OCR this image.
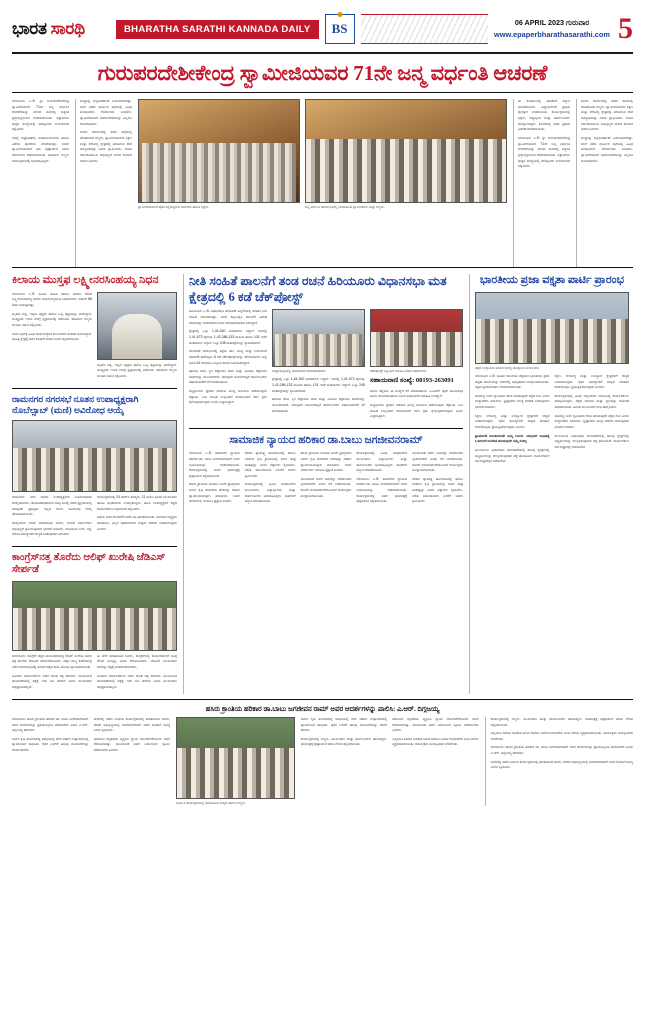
ಭಾರತ ಸಾರಥಿ	BHARATHA SARATHI KANNADA DAILY	BS	06 APRIL 2023 ಗುರುವಾರ
www.epaperbharathasarathi.com 5
ಗುರುಪರದೇಶೀಕೇಂದ್ರ ಸ್ವಾಮೀಜಿಯವರ 71ನೇ ಜನ್ಮ ವರ್ಧಂತಿ ಆಚರಣೆ

ಬೆಂಗಳೂರು ಏ.5: ಶ್ರೀ ಗುರುಪರದೇಶಿಕೇಂದ್ರ ಸ್ವಾಮೀಜಿಯವರ 71ನೇ ಜನ್ಮ ವರ್ಧಂತಿ ಆಚರಣೆಯನ್ನು ನಗರದ ಮಠದಲ್ಲಿ ಅತ್ಯಂತ ಶ್ರದ್ಧಾಭಕ್ತಿಯಿಂದ ಆಚರಿಸಲಾಯಿತು. ಭಕ್ತಾದಿಗಳು ಹೆಚ್ಚಿನ ಸಂಖ್ಯೆಯಲ್ಲಿ ಪಾಲ್ಗೊಂಡು ಗುರುವಂದನೆ ಸಲ್ಲಿಸಿದರು.

ಬೆಳಗ್ಗೆ ರುದ್ರಾಭಿಷೇಕ, ಮಹಾಮಂಗಳಾರತಿ ಹಾಗೂ ವಿಶೇಷ ಪೂಜೆಗಳು ನೆರವೇರಿದವು. ನಂತರ ಸ್ವಾಮೀಜಿಯವರಿಗೆ ಫಲ ಪುಷ್ಪಾರ್ಚನೆ ಮಾಡಿ ಆಶೀರ್ವಾದ ಪಡೆಯಲಾಯಿತು. ಹಲವಾರು ಗಣ್ಯರು ಕಾರ್ಯಕ್ರಮದಲ್ಲಿ ಭಾಗವಹಿಸಿದ್ದರು.

ಮಧ್ಯಾಹ್ನ ಅನ್ನಸಂತರ್ಪಣೆ ಏರ್ಪಡಿಸಲಾಗಿತ್ತು. ಸಂಜೆ ನಡೆದ ಧಾರ್ಮಿಕ ಸಭೆಯಲ್ಲಿ ವಿವಿಧ ಮಠಾಧೀಶರು ಆಶೀರ್ವಚನ ನೀಡಿದರು. ಸ್ವಾಮೀಜಿಯವರ ಸಮಾಜಸೇವೆಯನ್ನು ಎಲ್ಲರೂ ಕೊಂಡಾಡಿದರು.

ಮಠದ ಆವರಣದಲ್ಲಿ ನಡೆದ ಸಭೆಯಲ್ಲಿ ಮಾತನಾಡಿದ ಗಣ್ಯರು, ಸ್ವಾಮೀಜಿಯವರು ಶಿಕ್ಷಣ ಮತ್ತು ಆರೋಗ್ಯ ಕ್ಷೇತ್ರದಲ್ಲಿ ಮಾಡಿರುವ ಸೇವೆ ಅನನ್ಯವಾದದ್ದು ಎಂದು ಶ್ಲಾಘಿಸಿದರು. ನಾಡಿನ ಸರ್ವತೋಮುಖ ಅಭಿವೃದ್ಧಿಗೆ ಮಠದ ಕೊಡುಗೆ ಅಪಾರ ಎಂದರು.

ಸ್ವಾಮೀಜಿಯವರಿಗೆ ಪೂಜೆ ಸಲ್ಲಿಸುತ್ತಿರುವ ಅರ್ಚಕರು ಹಾಗೂ ಭಕ್ತರು.	ಜನ್ಮ ವರ್ಧಂತಿ ಸಮಾರಂಭದಲ್ಲಿ ಭಾಗವಹಿಸಿದ ಸ್ವಾಮೀಜಿಗಳು ಮತ್ತು ಗಣ್ಯರು.

ಈ ಸಂದರ್ಭದಲ್ಲಿ ಸಾಧಕರಿಗೆ ಸನ್ಮಾನ ಮಾಡಲಾಯಿತು. ವಿದ್ಯಾರ್ಥಿಗಳಿಗೆ ಪ್ರತಿಭಾ ಪುರಸ್ಕಾರ ನೀಡಲಾಯಿತು. ಕಾರ್ಯಕ್ರಮದಲ್ಲಿ ಭಕ್ತರು, ಶಿಷ್ಯವೃಂದ ಮತ್ತು ಸಾರ್ವಜನಿಕರು ಪಾಲ್ಗೊಂಡಿದ್ದರು. ಕೊನೆಯಲ್ಲಿ ತೀರ್ಥ ಪ್ರಸಾದ ವಿತರಣೆ ಮಾಡಲಾಯಿತು.

ಬೆಂಗಳೂರು ಏ.5: ಶ್ರೀ ಗುರುಪರದೇಶಿಕೇಂದ್ರ ಸ್ವಾಮೀಜಿಯವರ 71ನೇ ಜನ್ಮ ವರ್ಧಂತಿ ಆಚರಣೆಯನ್ನು ನಗರದ ಮಠದಲ್ಲಿ ಅತ್ಯಂತ ಶ್ರದ್ಧಾಭಕ್ತಿಯಿಂದ ಆಚರಿಸಲಾಯಿತು. ಭಕ್ತಾದಿಗಳು ಹೆಚ್ಚಿನ ಸಂಖ್ಯೆಯಲ್ಲಿ ಪಾಲ್ಗೊಂಡು ಗುರುವಂದನೆ ಸಲ್ಲಿಸಿದರು.

ಮಠದ ಆವರಣದಲ್ಲಿ ನಡೆದ ಸಭೆಯಲ್ಲಿ ಮಾತನಾಡಿದ ಗಣ್ಯರು, ಸ್ವಾಮೀಜಿಯವರು ಶಿಕ್ಷಣ ಮತ್ತು ಆರೋಗ್ಯ ಕ್ಷೇತ್ರದಲ್ಲಿ ಮಾಡಿರುವ ಸೇವೆ ಅನನ್ಯವಾದದ್ದು ಎಂದು ಶ್ಲಾಘಿಸಿದರು. ನಾಡಿನ ಸರ್ವತೋಮುಖ ಅಭಿವೃದ್ಧಿಗೆ ಮಠದ ಕೊಡುಗೆ ಅಪಾರ ಎಂದರು.

ಮಧ್ಯಾಹ್ನ ಅನ್ನಸಂತರ್ಪಣೆ ಏರ್ಪಡಿಸಲಾಗಿತ್ತು. ಸಂಜೆ ನಡೆದ ಧಾರ್ಮಿಕ ಸಭೆಯಲ್ಲಿ ವಿವಿಧ ಮಠಾಧೀಶರು ಆಶೀರ್ವಚನ ನೀಡಿದರು. ಸ್ವಾಮೀಜಿಯವರ ಸಮಾಜಸೇವೆಯನ್ನು ಎಲ್ಲರೂ ಕೊಂಡಾಡಿದರು.

ಕಿಲಾಯ ಮುಸ್ತಫ ಲಕ್ಷ್ಮೀನರಸಿಂಹಯ್ಯ ನಿಧನ

ಬೆಂಗಳೂರು ಏ.5: ಹಿರಿಯ ಸಾಹಿತಿ ಹಾಗೂ ಸಮಾಜ ಸೇವಕ ಲಕ್ಷ್ಮೀನರಸಿಂಹಯ್ಯ ಅವರು ಅನಾರೋಗ್ಯದಿಂದ ನಿಧನರಾದರು. ಅವರಿಗೆ 86 ವರ್ಷ ವಯಸ್ಸಾಗಿತ್ತು.

ಮೃತರು ಪತ್ನಿ, ಇಬ್ಬರು ಪುತ್ರರು ಹಾಗೂ ಒಬ್ಬ ಪುತ್ರಿಯನ್ನು ಅಗಲಿದ್ದಾರೆ. ಅಂತ್ಯಕ್ರಿಯೆ ಇಂದು ಬೆಳಗ್ಗೆ ಸ್ವಗ್ರಾಮದಲ್ಲಿ ನಡೆಯಿತು. ಹಲವಾರು ಗಣ್ಯರು ಅಂತಿಮ ನಮನ ಸಲ್ಲಿಸಿದರು.

ಅವರ ನಿಧನಕ್ಕೆ ವಿವಿಧ ಸಂಘ ಸಂಸ್ಥೆಗಳ ಮುಖಂಡರು ಸಂತಾಪ ಸೂಚಿಸಿದ್ದಾರೆ. ಸಾಹಿತ್ಯ ಕ್ಷೇತ್ರಕ್ಕೆ ಅವರ ಕೊಡುಗೆ ಅಪಾರ ಎಂದು ಸ್ಮರಿಸಲಾಯಿತು.

ಮೃತರು ಪತ್ನಿ, ಇಬ್ಬರು ಪುತ್ರರು ಹಾಗೂ ಒಬ್ಬ ಪುತ್ರಿಯನ್ನು ಅಗಲಿದ್ದಾರೆ. ಅಂತ್ಯಕ್ರಿಯೆ ಇಂದು ಬೆಳಗ್ಗೆ ಸ್ವಗ್ರಾಮದಲ್ಲಿ ನಡೆಯಿತು. ಹಲವಾರು ಗಣ್ಯರು ಅಂತಿಮ ನಮನ ಸಲ್ಲಿಸಿದರು.

ರಾಮನಗರ ನಗರಸಭೆ ನೂತನ ಉಪಾಧ್ಯಕ್ಷರಾಗಿ ನೊಬೆಲ್ಸಾಬ್ (ಮಣಿ) ಅವಿರೋಧ ಆಯ್ಕೆ

ರಾಮನಗರ: ನಗರ ಸಭೆಯ ಉಪಾಧ್ಯಕ್ಷರಾಗಿ ಅವಿರೋಧವಾಗಿ ಆಯ್ಕೆಯಾದರು. ಚುನಾವಣಾಧಿಕಾರಿಗಳ ಸಮ್ಮುಖದಲ್ಲಿ ನಡೆದ ಪ್ರಕ್ರಿಯೆಯಲ್ಲಿ ಯಾವುದೇ ಪ್ರತಿಸ್ಪರ್ಧಿ ಇಲ್ಲದ ಕಾರಣ ಅವಿರೋಧ ಆಯ್ಕೆ ಘೋಷಿಸಲಾಯಿತು.

ಆಯ್ಕೆಯಾದ ನಂತರ ಮಾತನಾಡಿದ ಅವರು, ನಗರದ ಸರ್ವಾಂಗೀಣ ಅಭಿವೃದ್ಧಿಗೆ ಶ್ರಮಿಸುವುದಾಗಿ ಭರವಸೆ ನೀಡಿದರು. ಕುಡಿಯುವ ನೀರು, ರಸ್ತೆ, ಚರಂಡಿ ಸಮಸ್ಯೆಗಳಿಗೆ ಆದ್ಯತೆ ನೀಡುವುದಾಗಿ ತಿಳಿಸಿದರು.

ಕಾರ್ಯಕ್ರಮದಲ್ಲಿ 24 ವಾರ್ಡ್ ಸದಸ್ಯರು, 11 ಮಂದಿ ಹಿರಿಯ ಮುಖಂಡರು ಹಾಗೂ ಅಧಿಕಾರಿಗಳು ಉಪಸ್ಥಿತರಿದ್ದರು. ಹೊಸ ಉಪಾಧ್ಯಕ್ಷರಿಗೆ ಪಕ್ಷದ ಕಾರ್ಯಕರ್ತರು ಅಭಿನಂದನೆ ಸಲ್ಲಿಸಿದರು.

ಸಭೆಯ ಬಳಿಕ ಮೆರವಣಿಗೆ ನಡೆಸಿ ಸಿಹಿ ಹಂಚಲಾಯಿತು. ನಗರಸಭೆ ಅಧ್ಯಕ್ಷರು ಮಾತನಾಡಿ, ಎಲ್ಲರ ಸಹಕಾರದಿಂದ ಉತ್ತಮ ಆಡಳಿತ ನೀಡಲಾಗುವುದು ಎಂದರು.

ಕಾಂಗ್ರೆಸ್‌ನತ್ತ ತೊರೆದು ಆಲಿಫ್ ಖುರೇಷಿ ಜೆಡಿಎಸ್ ಸೇರ್ಪಡೆ

ಬೆಂಗಳೂರು: ಕಾಂಗ್ರೆಸ್ ಪಕ್ಷದ ಮುಖಂಡರಾಗಿದ್ದ ಆಲಿಫ್ ಖುರೇಷಿ ಅವರು ಪಕ್ಷ ತೊರೆದು ಜೆಡಿಎಸ್ ಸೇರ್ಪಡೆಗೊಂಡರು. ಪಕ್ಷದ ರಾಜ್ಯ ಕಚೇರಿಯಲ್ಲಿ ನಡೆದ ಸಮಾರಂಭದಲ್ಲಿ ಅವರಿಗೆ ಪಕ್ಷದ ಶಾಲು ಹೊದಿಸಿ ಸ್ವಾಗತಿಸಲಾಯಿತು.

ನೂರಾರು ಕಾರ್ಯಕರ್ತರು ಅವರ ಜೊತೆ ಪಕ್ಷ ಸೇರಿದರು. ಮುಂಬರುವ ಚುನಾವಣೆಯಲ್ಲಿ ಪಕ್ಷಕ್ಕೆ ಇದು ಬಲ ತರಲಿದೆ ಎಂದು ಮುಖಂಡರು ಅಭಿಪ್ರಾಯಪಟ್ಟರು.

ಈ ವೇಳೆ ಮಾತನಾಡಿದ ಅವರು, ಕಾಂಗ್ರೆಸ್‌ನಲ್ಲಿ ಕಾರ್ಯಕರ್ತರಿಗೆ ಸೂಕ್ತ ಗೌರವ ಸಿಗುತ್ತಿಲ್ಲ ಎಂದು ಆರೋಪಿಸಿದರು. ಜೆಡಿಎಸ್ ಮುಖಂಡರು ಅವರನ್ನು ಪಕ್ಷಕ್ಕೆ ಬರಮಾಡಿಕೊಂಡರು.

ನೂರಾರು ಕಾರ್ಯಕರ್ತರು ಅವರ ಜೊತೆ ಪಕ್ಷ ಸೇರಿದರು. ಮುಂಬರುವ ಚುನಾವಣೆಯಲ್ಲಿ ಪಕ್ಷಕ್ಕೆ ಇದು ಬಲ ತರಲಿದೆ ಎಂದು ಮುಖಂಡರು ಅಭಿಪ್ರಾಯಪಟ್ಟರು.

ನೀತಿ ಸಂಹಿತೆ ಪಾಲನೆಗೆ ತಂಡ ರಚನೆ ಹಿರಿಯೂರು ವಿಧಾನಸಭಾ ಮತ ಕ್ಷೇತ್ರದಲ್ಲಿ 6 ಕಡೆ ಚೆಕ್‌ಪೋಸ್ಟ್

ಹಿರಿಯೂರು ಏ.5: ವಿಧಾನಸಭಾ ಚುನಾವಣೆ ಹಿನ್ನೆಲೆಯಲ್ಲಿ ಮಾದರಿ ನೀತಿ ಸಂಹಿತೆ ಜಾರಿಯಾಗಿದ್ದು, ಅದರ ಕಟ್ಟುನಿಟ್ಟಿನ ಪಾಲನೆಗೆ ವಿಶೇಷ ತಂಡಗಳನ್ನು ರಚಿಸಲಾಗಿದೆ ಎಂದು ಚುನಾವಣಾಧಿಕಾರಿ ತಿಳಿಸಿದ್ದಾರೆ.

ಕ್ಷೇತ್ರದಲ್ಲಿ ಒಟ್ಟು 1,44,160 ಮತದಾರರು ಇದ್ದಾರೆ. ಇದರಲ್ಲಿ 1,41,973 ಪುರುಷ, 1,42,286,133 ಮಹಿಳಾ ಹಾಗೂ 131 ಇತರೆ ಮತದಾರರು ಇದ್ದಾರೆ. ಒಟ್ಟು 245 ಮತಗಟ್ಟೆಗಳನ್ನು ಸ್ಥಾಪಿಸಲಾಗಿದೆ.

ಚುನಾವಣೆ ಸಂದರ್ಭದಲ್ಲಿ ಅಕ್ರಮ ಹಣ, ಮದ್ಯ ಮತ್ತು ಉಡುಗೊರೆ ಸಾಗಾಣಿಕೆ ತಡೆಗಟ್ಟಲು 6 ಕಡೆ ಚೆಕ್‌ಪೋಸ್ಟ್‌ಗಳನ್ನು ತೆರೆಯಲಾಗಿದೆ. ಅಲ್ಲಿ ದಿನದ 24 ಗಂಟೆಯೂ ಸಿಬ್ಬಂದಿ ಕಾರ್ಯನಿರ್ವಹಿಸಲಿದ್ದಾರೆ.

ಹಾರಾಟ ತಂಡ, ಸ್ಥಿರ ಕಣ್ಗಾವಲು ತಂಡ ಮತ್ತು ವಿಡಿಯೊ ಕಣ್ಗಾವಲು ತಂಡಗಳನ್ನು ನೇಮಿಸಲಾಗಿದೆ. ಯಾವುದೇ ದೂರುಗಳಿದ್ದರೆ ಸಾರ್ವಜನಿಕರು ಸಹಾಯವಾಣಿಗೆ ಕರೆ ಮಾಡಬಹುದು.

ಅಭ್ಯರ್ಥಿಗಳು ಪ್ರಚಾರ ನಡೆಸುವ ಮುನ್ನ ಅನುಮತಿ ಪಡೆಯುವುದು ಕಡ್ಡಾಯ. ನೀತಿ ಸಂಹಿತೆ ಉಲ್ಲಂಘನೆ ಕಂಡುಬಂದರೆ ಕಠಿಣ ಕ್ರಮ ಕೈಗೊಳ್ಳಲಾಗುವುದು ಎಂದು ಎಚ್ಚರಿಸಿದ್ದಾರೆ.

ಸುದ್ದಿಗೋಷ್ಠಿಯಲ್ಲಿ ಮಾತನಾಡಿದ ಚುನಾವಣಾಧಿಕಾರಿ.	ಚೆಕ್‌ಪೋಸ್ಟ್ ಸಿಬ್ಬಂದಿಗೆ ಮಾಹಿತಿ ನೀಡಿದ ಅಧಿಕಾರಿಗಳು.

ಕ್ಷೇತ್ರದಲ್ಲಿ ಒಟ್ಟು 1,44,160 ಮತದಾರರು ಇದ್ದಾರೆ. ಇದರಲ್ಲಿ 1,41,973 ಪುರುಷ, 1,42,286,133 ಮಹಿಳಾ ಹಾಗೂ 131 ಇತರೆ ಮತದಾರರು ಇದ್ದಾರೆ. ಒಟ್ಟು 245 ಮತಗಟ್ಟೆಗಳನ್ನು ಸ್ಥಾಪಿಸಲಾಗಿದೆ.

ಹಾರಾಟ ತಂಡ, ಸ್ಥಿರ ಕಣ್ಗಾವಲು ತಂಡ ಮತ್ತು ವಿಡಿಯೊ ಕಣ್ಗಾವಲು ತಂಡಗಳನ್ನು ನೇಮಿಸಲಾಗಿದೆ. ಯಾವುದೇ ದೂರುಗಳಿದ್ದರೆ ಸಾರ್ವಜನಿಕರು ಸಹಾಯವಾಣಿಗೆ ಕರೆ ಮಾಡಬಹುದು.

ಸಹಾಯವಾಣಿ ಸಂಖ್ಯೆ: 08193-263091

ದೂರು ಸಲ್ಲಿಸಲು ಈ ಸಂಖ್ಯೆಗೆ ಕರೆ ಮಾಡಬಹುದು. ಸಿ-ವಿಜಿಲ್ ಆ್ಯಪ್ ಮೂಲಕವೂ ದೂರು ದಾಖಲಿಸಬಹುದು ಎಂದು ಅಧಿಕಾರಿಗಳು ಮಾಹಿತಿ ನೀಡಿದ್ದಾರೆ.

ಅಭ್ಯರ್ಥಿಗಳು ಪ್ರಚಾರ ನಡೆಸುವ ಮುನ್ನ ಅನುಮತಿ ಪಡೆಯುವುದು ಕಡ್ಡಾಯ. ನೀತಿ ಸಂಹಿತೆ ಉಲ್ಲಂಘನೆ ಕಂಡುಬಂದರೆ ಕಠಿಣ ಕ್ರಮ ಕೈಗೊಳ್ಳಲಾಗುವುದು ಎಂದು ಎಚ್ಚರಿಸಿದ್ದಾರೆ.

ಸಾಮಾಜಿಕ ನ್ಯಾಯದ ಹರಿಕಾರ ಡಾ.ಬಾಬು ಜಗಜೀವನರಾಮ್

ಬೆಂಗಳೂರು ಏ.5: ಸಾಮಾಜಿಕ ನ್ಯಾಯದ ಹರಿಕಾರ ಡಾ. ಬಾಬು ಜಗಜೀವನರಾಮ್ ಅವರ ಜಯಂತಿಯನ್ನು ಆಚರಿಸಲಾಯಿತು. ಕಾರ್ಯಕ್ರಮದಲ್ಲಿ ಅವರ ಭಾವಚಿತ್ರಕ್ಕೆ ಪುಷ್ಪನಮನ ಸಲ್ಲಿಸಲಾಯಿತು.

ಹಸಿರು ಕ್ರಾಂತಿಯ ರೂವಾರಿ ಎಂದೇ ಪ್ರಸಿದ್ಧರಾದ ಅವರು ಕೃಷಿ ಸಚಿವರಾಗಿ ದೇಶವನ್ನು ಆಹಾರ ಸ್ವಾವಲಂಬಿಯನ್ನಾಗಿ ಮಾಡಿದರು. ಅವರ ಆದರ್ಶಗಳು ಇಂದಿಗೂ ಪ್ರಸ್ತುತ ಎಂದರು.

ದೇಶದ ಸ್ವಾತಂತ್ರ್ಯ ಹೋರಾಟದಲ್ಲಿ ಹಾಗೂ ನಂತರದ ಕೃಷಿ ಕ್ರಾಂತಿಯಲ್ಲಿ ಅವರ ಪಾತ್ರ ಮಹತ್ವದ್ದು ಎಂದು ವಕ್ತಾರರು ಸ್ಮರಿಸಿದರು. ದಲಿತ ಸಮುದಾಯದ ಏಳಿಗೆಗೆ ಅವರು ಶ್ರಮಿಸಿದರು.

ಕಾರ್ಯಕ್ರಮದಲ್ಲಿ ವಿವಿಧ ಸಂಘಟನೆಗಳ ಮುಖಂಡರು, ವಿದ್ಯಾರ್ಥಿಗಳು ಮತ್ತು ಸಾರ್ವಜನಿಕರು ಭಾಗವಹಿಸಿದ್ದರು. ಸಾಧಕರಿಗೆ ಸನ್ಮಾನ ಮಾಡಲಾಯಿತು.

ಹಸಿರು ಕ್ರಾಂತಿಯ ರೂವಾರಿ ಎಂದೇ ಪ್ರಸಿದ್ಧರಾದ ಅವರು ಕೃಷಿ ಸಚಿವರಾಗಿ ದೇಶವನ್ನು ಆಹಾರ ಸ್ವಾವಲಂಬಿಯನ್ನಾಗಿ ಮಾಡಿದರು. ಅವರ ಆದರ್ಶಗಳು ಇಂದಿಗೂ ಪ್ರಸ್ತುತ ಎಂದರು.

ಯುವಜನತೆ ಅವರ ಬದುಕನ್ನು ಆದರ್ಶವಾಗಿ ಸ್ವೀಕರಿಸಬೇಕು ಎಂದು ಕರೆ ನೀಡಲಾಯಿತು. ಕೊನೆಗೆ ವಂದನಾರ್ಪಣೆಯೊಂದಿಗೆ ಕಾರ್ಯಕ್ರಮ ಮುಕ್ತಾಯಗೊಂಡಿತು.

ಕಾರ್ಯಕ್ರಮದಲ್ಲಿ ವಿವಿಧ ಸಂಘಟನೆಗಳ ಮುಖಂಡರು, ವಿದ್ಯಾರ್ಥಿಗಳು ಮತ್ತು ಸಾರ್ವಜನಿಕರು ಭಾಗವಹಿಸಿದ್ದರು. ಸಾಧಕರಿಗೆ ಸನ್ಮಾನ ಮಾಡಲಾಯಿತು.

ಬೆಂಗಳೂರು ಏ.5: ಸಾಮಾಜಿಕ ನ್ಯಾಯದ ಹರಿಕಾರ ಡಾ. ಬಾಬು ಜಗಜೀವನರಾಮ್ ಅವರ ಜಯಂತಿಯನ್ನು ಆಚರಿಸಲಾಯಿತು. ಕಾರ್ಯಕ್ರಮದಲ್ಲಿ ಅವರ ಭಾವಚಿತ್ರಕ್ಕೆ ಪುಷ್ಪನಮನ ಸಲ್ಲಿಸಲಾಯಿತು.

ಯುವಜನತೆ ಅವರ ಬದುಕನ್ನು ಆದರ್ಶವಾಗಿ ಸ್ವೀಕರಿಸಬೇಕು ಎಂದು ಕರೆ ನೀಡಲಾಯಿತು. ಕೊನೆಗೆ ವಂದನಾರ್ಪಣೆಯೊಂದಿಗೆ ಕಾರ್ಯಕ್ರಮ ಮುಕ್ತಾಯಗೊಂಡಿತು.

ದೇಶದ ಸ್ವಾತಂತ್ರ್ಯ ಹೋರಾಟದಲ್ಲಿ ಹಾಗೂ ನಂತರದ ಕೃಷಿ ಕ್ರಾಂತಿಯಲ್ಲಿ ಅವರ ಪಾತ್ರ ಮಹತ್ವದ್ದು ಎಂದು ವಕ್ತಾರರು ಸ್ಮರಿಸಿದರು. ದಲಿತ ಸಮುದಾಯದ ಏಳಿಗೆಗೆ ಅವರು ಶ್ರಮಿಸಿದರು.

ಭಾರತೀಯ ಪ್ರಜಾ ವಕ್ತೃತಾ ಪಾರ್ಟಿ ಪ್ರಾರಂಭ
ಪಕ್ಷದ ಉದ್ಘಾಟನಾ ಸಮಾರಂಭದಲ್ಲಿ ಪಾಲ್ಗೊಂಡ ಮುಖಂಡರು.

ಬೆಂಗಳೂರು ಏ.5: ನೂತನ ರಾಜಕೀಯ ಪಕ್ಷವಾದ ಭಾರತೀಯ ಪ್ರಜಾ ವಕ್ತೃತಾ ಪಾರ್ಟಿಯನ್ನು ನಗರದಲ್ಲಿ ಅಧಿಕೃತವಾಗಿ ಉದ್ಘಾಟಿಸಲಾಯಿತು. ಪಕ್ಷದ ಧ್ವಜಾರೋಹಣ ನೆರವೇರಿಸಲಾಯಿತು.

ಸಾಮಾನ್ಯ ಜನರ ಧ್ವನಿಯಾಗಿ ಕೆಲಸ ಮಾಡುವುದೇ ಪಕ್ಷದ ಗುರಿ ಎಂದು ಸಂಸ್ಥಾಪಕರು ತಿಳಿಸಿದರು. ಭ್ರಷ್ಟಾಚಾರ ಮುಕ್ತ ಆಡಳಿತ ನೀಡುವುದಾಗಿ ಭರವಸೆ ನೀಡಿದರು.

ಶಿಕ್ಷಣ, ಆರೋಗ್ಯ ಮತ್ತು ಉದ್ಯೋಗ ಕ್ಷೇತ್ರಗಳಿಗೆ ಆದ್ಯತೆ ನೀಡಲಾಗುವುದು. ರೈತರ ಸಮಸ್ಯೆಗಳಿಗೆ ಶಾಶ್ವತ ಪರಿಹಾರ ಕಂಡುಕೊಳ್ಳಲು ಪ್ರಯತ್ನಿಸಲಾಗುವುದು ಎಂದರು.

ಪ್ರಾಮಾಣಿಕ ರಾಜಕಾರಣವೇ ನಮ್ಮ ಉಸಿರು. ಯಾವುದೇ ಆಮಿಷಕ್ಕೆ ಒಳಗಾಗದೆ ಜನಸೇವೆ ಮಾಡುವುದೇ ನಮ್ಮ ಸಂಕಲ್ಪ

ಮುಂಬರುವ ವಿಧಾನಸಭಾ ಚುನಾವಣೆಯಲ್ಲಿ ಹಲವು ಕ್ಷೇತ್ರಗಳಲ್ಲಿ ಅಭ್ಯರ್ಥಿಗಳನ್ನು ಕಣಕ್ಕಿಳಿಸುವುದಾಗಿ ಪಕ್ಷ ಘೋಷಿಸಿದೆ. ಕಾರ್ಯಕರ್ತರ ಸಭೆ ಶೀಘ್ರದಲ್ಲೇ ನಡೆಯಲಿದೆ.

ಶಿಕ್ಷಣ, ಆರೋಗ್ಯ ಮತ್ತು ಉದ್ಯೋಗ ಕ್ಷೇತ್ರಗಳಿಗೆ ಆದ್ಯತೆ ನೀಡಲಾಗುವುದು. ರೈತರ ಸಮಸ್ಯೆಗಳಿಗೆ ಶಾಶ್ವತ ಪರಿಹಾರ ಕಂಡುಕೊಳ್ಳಲು ಪ್ರಯತ್ನಿಸಲಾಗುವುದು ಎಂದರು.

ಕಾರ್ಯಕ್ರಮದಲ್ಲಿ ವಿವಿಧ ಜಿಲ್ಲೆಗಳಿಂದ ಆಗಮಿಸಿದ್ದ ಕಾರ್ಯಕರ್ತರು ಪಾಲ್ಗೊಂಡಿದ್ದರು. ಪಕ್ಷದ ಲಾಂಛನ ಮತ್ತು ಧ್ವಜವನ್ನು ಬಿಡುಗಡೆ ಮಾಡಲಾಯಿತು. ಹಿರಿಯ ಮುಖಂಡರು ಶುಭ ಹಾರೈಸಿದರು.

ಸಾಮಾನ್ಯ ಜನರ ಧ್ವನಿಯಾಗಿ ಕೆಲಸ ಮಾಡುವುದೇ ಪಕ್ಷದ ಗುರಿ ಎಂದು ಸಂಸ್ಥಾಪಕರು ತಿಳಿಸಿದರು. ಭ್ರಷ್ಟಾಚಾರ ಮುಕ್ತ ಆಡಳಿತ ನೀಡುವುದಾಗಿ ಭರವಸೆ ನೀಡಿದರು.

ಮುಂಬರುವ ವಿಧಾನಸಭಾ ಚುನಾವಣೆಯಲ್ಲಿ ಹಲವು ಕ್ಷೇತ್ರಗಳಲ್ಲಿ ಅಭ್ಯರ್ಥಿಗಳನ್ನು ಕಣಕ್ಕಿಳಿಸುವುದಾಗಿ ಪಕ್ಷ ಘೋಷಿಸಿದೆ. ಕಾರ್ಯಕರ್ತರ ಸಭೆ ಶೀಘ್ರದಲ್ಲೇ ನಡೆಯಲಿದೆ.

ಹಸಿರು ಕ್ರಾಂತಿಯ ಹರಿಕಾರ ಡಾ.ಬಾಬು ಜಗಜೀವನ ರಾಮ್ ಅವರ ಆದರ್ಶಗಳನ್ನು ಪಾಲಿಸಿ: ಎ.ಆರ್. ದಿಗ್ಗಜಯ್ಯ

ಬೆಂಗಳೂರು: ಹಸಿರು ಕ್ರಾಂತಿಯ ಹರಿಕಾರ ಡಾ. ಬಾಬು ಜಗಜೀವನರಾಮ್ ಅವರ ಆದರ್ಶಗಳನ್ನು ಪ್ರತಿಯೊಬ್ಬರೂ ಪಾಲಿಸಬೇಕು ಎಂದು ಎ.ಆರ್. ದಿಗ್ಗಜಯ್ಯ ಹೇಳಿದರು.

ಅವರು ಕೃಷಿ ಸಚಿವರಾಗಿದ್ದ ಅವಧಿಯಲ್ಲಿ ದೇಶ ಆಹಾರ ಉತ್ಪಾದನೆಯಲ್ಲಿ ಸ್ವಾವಲಂಬನೆ ಸಾಧಿಸಿತು. ರೈತರ ಏಳಿಗೆಗೆ ಹಲವು ಯೋಜನೆಗಳನ್ನು ಜಾರಿಗೆ ತಂದರು.

ನಗರದಲ್ಲಿ ನಡೆದ ಜಯಂತಿ ಕಾರ್ಯಕ್ರಮದಲ್ಲಿ ಮಾತನಾಡಿದ ಅವರು, ದೇಶದ ಅಭಿವೃದ್ಧಿಯಲ್ಲಿ ಜಗಜೀವನರಾಮ್ ಅವರ ಕೊಡುಗೆ ಅನನ್ಯ ಎಂದು ಸ್ಮರಿಸಿದರು.

ಸಮಾಜದ ಕಟ್ಟಕಡೆಯ ವ್ಯಕ್ತಿಗೂ ನ್ಯಾಯ ದೊರಕಬೇಕೆಂಬುದು ಅವರ ಆಶಯವಾಗಿತ್ತು. ಯುವಜನತೆ ಅವರ ಬದುಕಿನಿಂದ ಸ್ಫೂರ್ತಿ ಪಡೆಯಬೇಕು ಎಂದರು.

ಜಯಂತಿ ಕಾರ್ಯಕ್ರಮದಲ್ಲಿ ಭಾಗವಹಿಸಿದ ಮಕ್ಕಳು ಹಾಗೂ ಗಣ್ಯರು.

ಅವರು ಕೃಷಿ ಸಚಿವರಾಗಿದ್ದ ಅವಧಿಯಲ್ಲಿ ದೇಶ ಆಹಾರ ಉತ್ಪಾದನೆಯಲ್ಲಿ ಸ್ವಾವಲಂಬನೆ ಸಾಧಿಸಿತು. ರೈತರ ಏಳಿಗೆಗೆ ಹಲವು ಯೋಜನೆಗಳನ್ನು ಜಾರಿಗೆ ತಂದರು.

ಕಾರ್ಯಕ್ರಮದಲ್ಲಿ ಗಣ್ಯರು, ಮುಖಂಡರು ಮತ್ತು ಸಾರ್ವಜನಿಕರು ಹಾಜರಿದ್ದರು. ಭಾವಚಿತ್ರಕ್ಕೆ ಪುಷ್ಪಾರ್ಚನೆ ಮಾಡಿ ಗೌರವ ಸಲ್ಲಿಸಲಾಯಿತು.

ಸಮಾಜದ ಕಟ್ಟಕಡೆಯ ವ್ಯಕ್ತಿಗೂ ನ್ಯಾಯ ದೊರಕಬೇಕೆಂಬುದು ಅವರ ಆಶಯವಾಗಿತ್ತು. ಯುವಜನತೆ ಅವರ ಬದುಕಿನಿಂದ ಸ್ಫೂರ್ತಿ ಪಡೆಯಬೇಕು ಎಂದರು.

ಎಲ್ಲರಿಗೂ ಸಮಾನ ಅವಕಾಶ ಸಿಗುವ ಸಮಾಜ ನಿರ್ಮಾಣವಾಗಬೇಕು ಎಂಬ ಆಶಯ ವ್ಯಕ್ತಪಡಿಸಲಾಯಿತು. ಕಾರ್ಯಕ್ರಮ ಯಶಸ್ವಿಯಾಗಿ ನೆರವೇರಿತು.

ಕಾರ್ಯಕ್ರಮದಲ್ಲಿ ಗಣ್ಯರು, ಮುಖಂಡರು ಮತ್ತು ಸಾರ್ವಜನಿಕರು ಹಾಜರಿದ್ದರು. ಭಾವಚಿತ್ರಕ್ಕೆ ಪುಷ್ಪಾರ್ಚನೆ ಮಾಡಿ ಗೌರವ ಸಲ್ಲಿಸಲಾಯಿತು.

ಎಲ್ಲರಿಗೂ ಸಮಾನ ಅವಕಾಶ ಸಿಗುವ ಸಮಾಜ ನಿರ್ಮಾಣವಾಗಬೇಕು ಎಂಬ ಆಶಯ ವ್ಯಕ್ತಪಡಿಸಲಾಯಿತು. ಕಾರ್ಯಕ್ರಮ ಯಶಸ್ವಿಯಾಗಿ ನೆರವೇರಿತು.

ಬೆಂಗಳೂರು: ಹಸಿರು ಕ್ರಾಂತಿಯ ಹರಿಕಾರ ಡಾ. ಬಾಬು ಜಗಜೀವನರಾಮ್ ಅವರ ಆದರ್ಶಗಳನ್ನು ಪ್ರತಿಯೊಬ್ಬರೂ ಪಾಲಿಸಬೇಕು ಎಂದು ಎ.ಆರ್. ದಿಗ್ಗಜಯ್ಯ ಹೇಳಿದರು.

ನಗರದಲ್ಲಿ ನಡೆದ ಜಯಂತಿ ಕಾರ್ಯಕ್ರಮದಲ್ಲಿ ಮಾತನಾಡಿದ ಅವರು, ದೇಶದ ಅಭಿವೃದ್ಧಿಯಲ್ಲಿ ಜಗಜೀವನರಾಮ್ ಅವರ ಕೊಡುಗೆ ಅನನ್ಯ ಎಂದು ಸ್ಮರಿಸಿದರು.
